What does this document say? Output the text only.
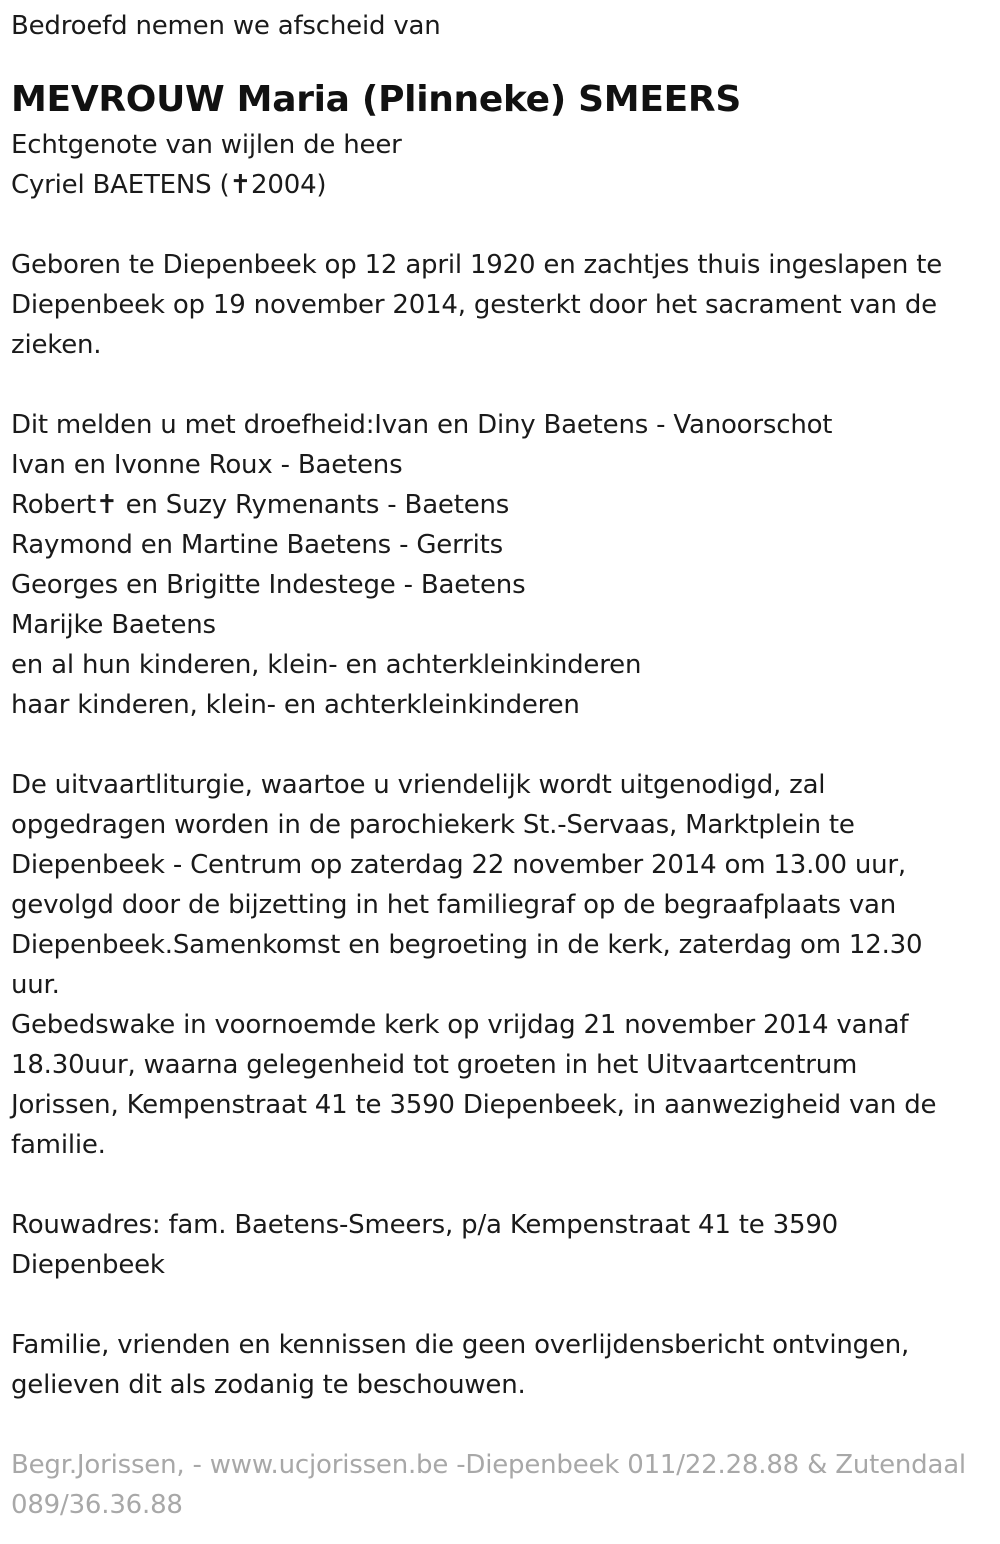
Bedroefd nemen we afscheid van
MEVROUW Maria (Plinneke) SMEERS
Echtgenote van wijlen de heer
Cyriel BAETENS (✝2004)
Geboren te Diepenbeek op 12 april 1920 en zachtjes thuis ingeslapen te
Diepenbeek op 19 november 2014, gesterkt door het sacrament van de
zieken.
Dit melden u met droefheid:Ivan en Diny Baetens - Vanoorschot
Ivan en Ivonne Roux - Baetens
Robert✝ en Suzy Rymenants - Baetens
Raymond en Martine Baetens - Gerrits
Georges en Brigitte Indestege - Baetens
Marijke Baetens
en al hun kinderen, klein- en achterkleinkinderen
haar kinderen, klein- en achterkleinkinderen
De uitvaartliturgie, waartoe u vriendelijk wordt uitgenodigd, zal
opgedragen worden in de parochiekerk St.-Servaas, Marktplein te
Diepenbeek - Centrum op zaterdag 22 november 2014 om 13.00 uur,
gevolgd door de bijzetting in het familiegraf op de begraafplaats van
Diepenbeek.Samenkomst en begroeting in de kerk, zaterdag om 12.30
uur.
Gebedswake in voornoemde kerk op vrijdag 21 november 2014 vanaf
18.30uur, waarna gelegenheid tot groeten in het Uitvaartcentrum
Jorissen, Kempenstraat 41 te 3590 Diepenbeek, in aanwezigheid van de
familie.
Rouwadres: fam. Baetens-Smeers, p/a Kempenstraat 41 te 3590
Diepenbeek
Familie, vrienden en kennissen die geen overlijdensbericht ontvingen,
gelieven dit als zodanig te beschouwen.
Begr.Jorissen, - www.ucjorissen.be -Diepenbeek 011/22.28.88 & Zutendaal
089/36.36.88
